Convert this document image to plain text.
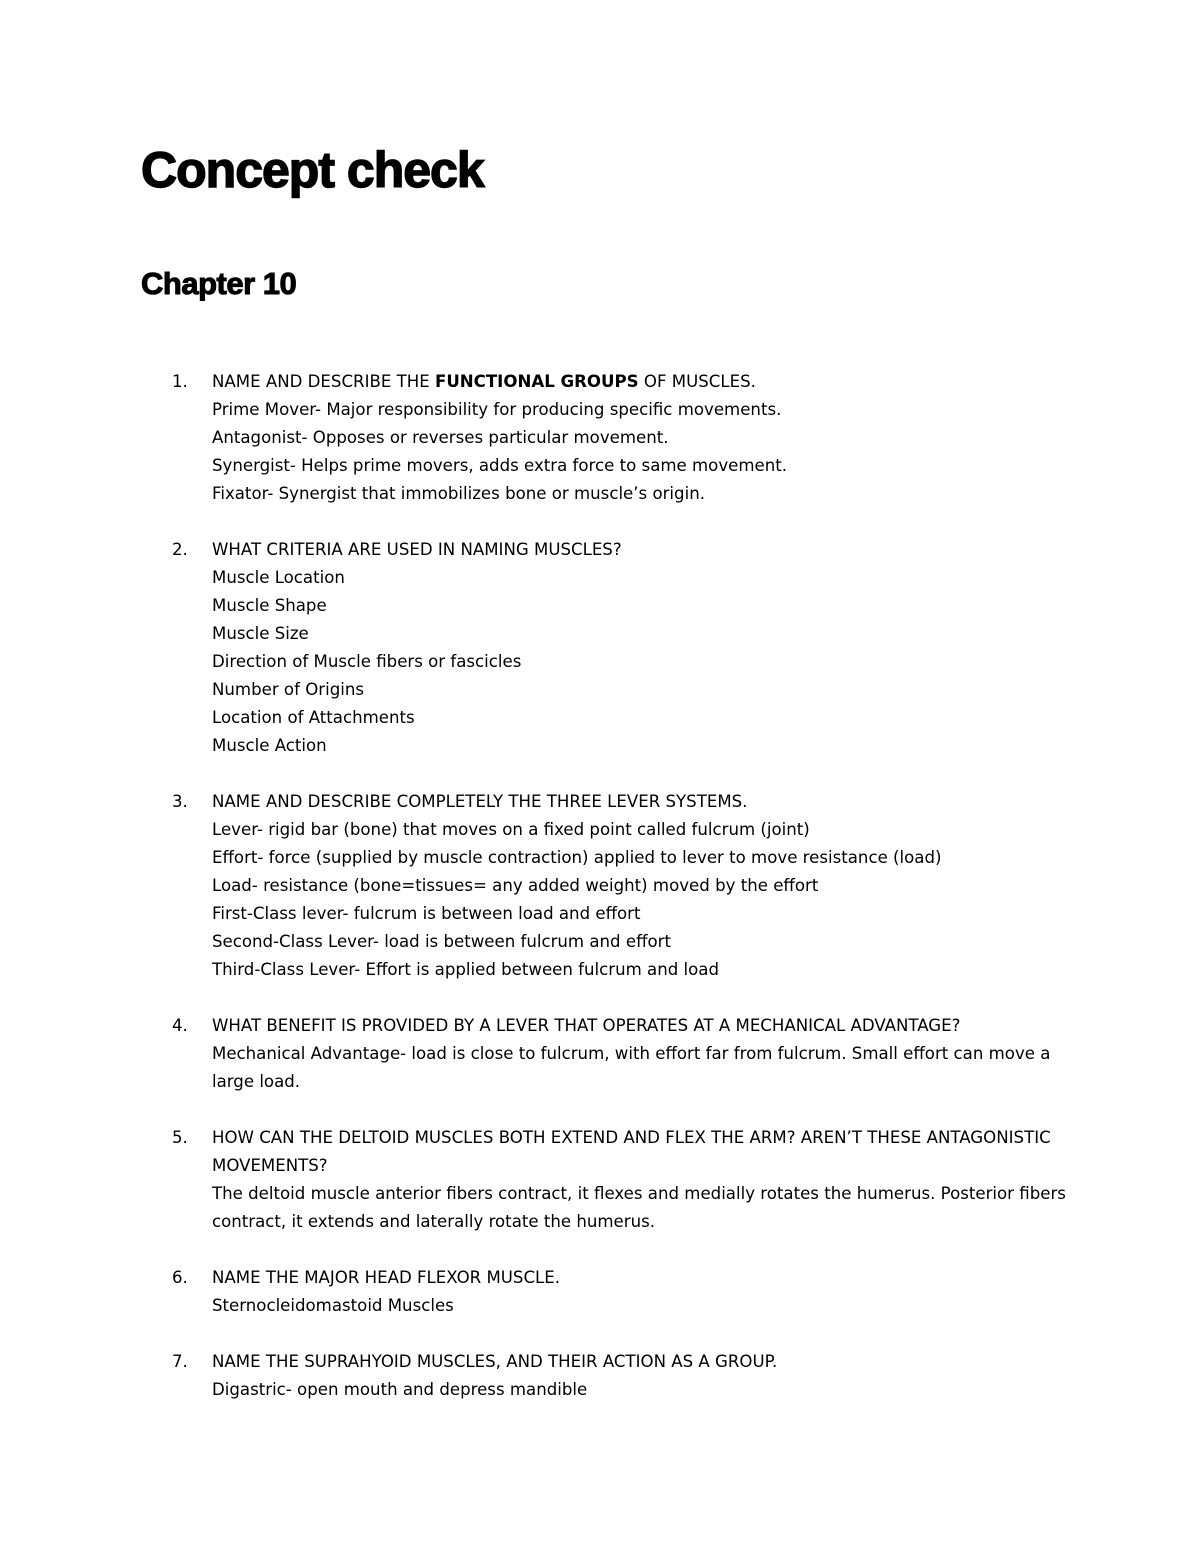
Concept check
Chapter 10
1. NAME AND DESCRIBE THE FUNCTIONAL GROUPS OF MUSCLES.
Prime Mover- Major responsibility for producing specific movements.
Antagonist- Opposes or reverses particular movement.
Synergist- Helps prime movers, adds extra force to same movement.
Fixator- Synergist that immobilizes bone or muscle’s origin.
2. WHAT CRITERIA ARE USED IN NAMING MUSCLES?
Muscle Location
Muscle Shape
Muscle Size
Direction of Muscle fibers or fascicles
Number of Origins
Location of Attachments
Muscle Action
3. NAME AND DESCRIBE COMPLETELY THE THREE LEVER SYSTEMS.
Lever- rigid bar (bone) that moves on a fixed point called fulcrum (joint)
Effort- force (supplied by muscle contraction) applied to lever to move resistance (load)
Load- resistance (bone=tissues= any added weight) moved by the effort
First-Class lever- fulcrum is between load and effort
Second-Class Lever- load is between fulcrum and effort
Third-Class Lever- Effort is applied between fulcrum and load
4. WHAT BENEFIT IS PROVIDED BY A LEVER THAT OPERATES AT A MECHANICAL ADVANTAGE?
Mechanical Advantage- load is close to fulcrum, with effort far from fulcrum. Small effort can move a large load.
5. HOW CAN THE DELTOID MUSCLES BOTH EXTEND AND FLEX THE ARM? AREN’T THESE ANTAGONISTIC MOVEMENTS?
The deltoid muscle anterior fibers contract, it flexes and medially rotates the humerus. Posterior fibers contract, it extends and laterally rotate the humerus.
6. NAME THE MAJOR HEAD FLEXOR MUSCLE.
Sternocleidomastoid Muscles
7. NAME THE SUPRAHYOID MUSCLES, AND THEIR ACTION AS A GROUP.
Digastric- open mouth and depress mandible
